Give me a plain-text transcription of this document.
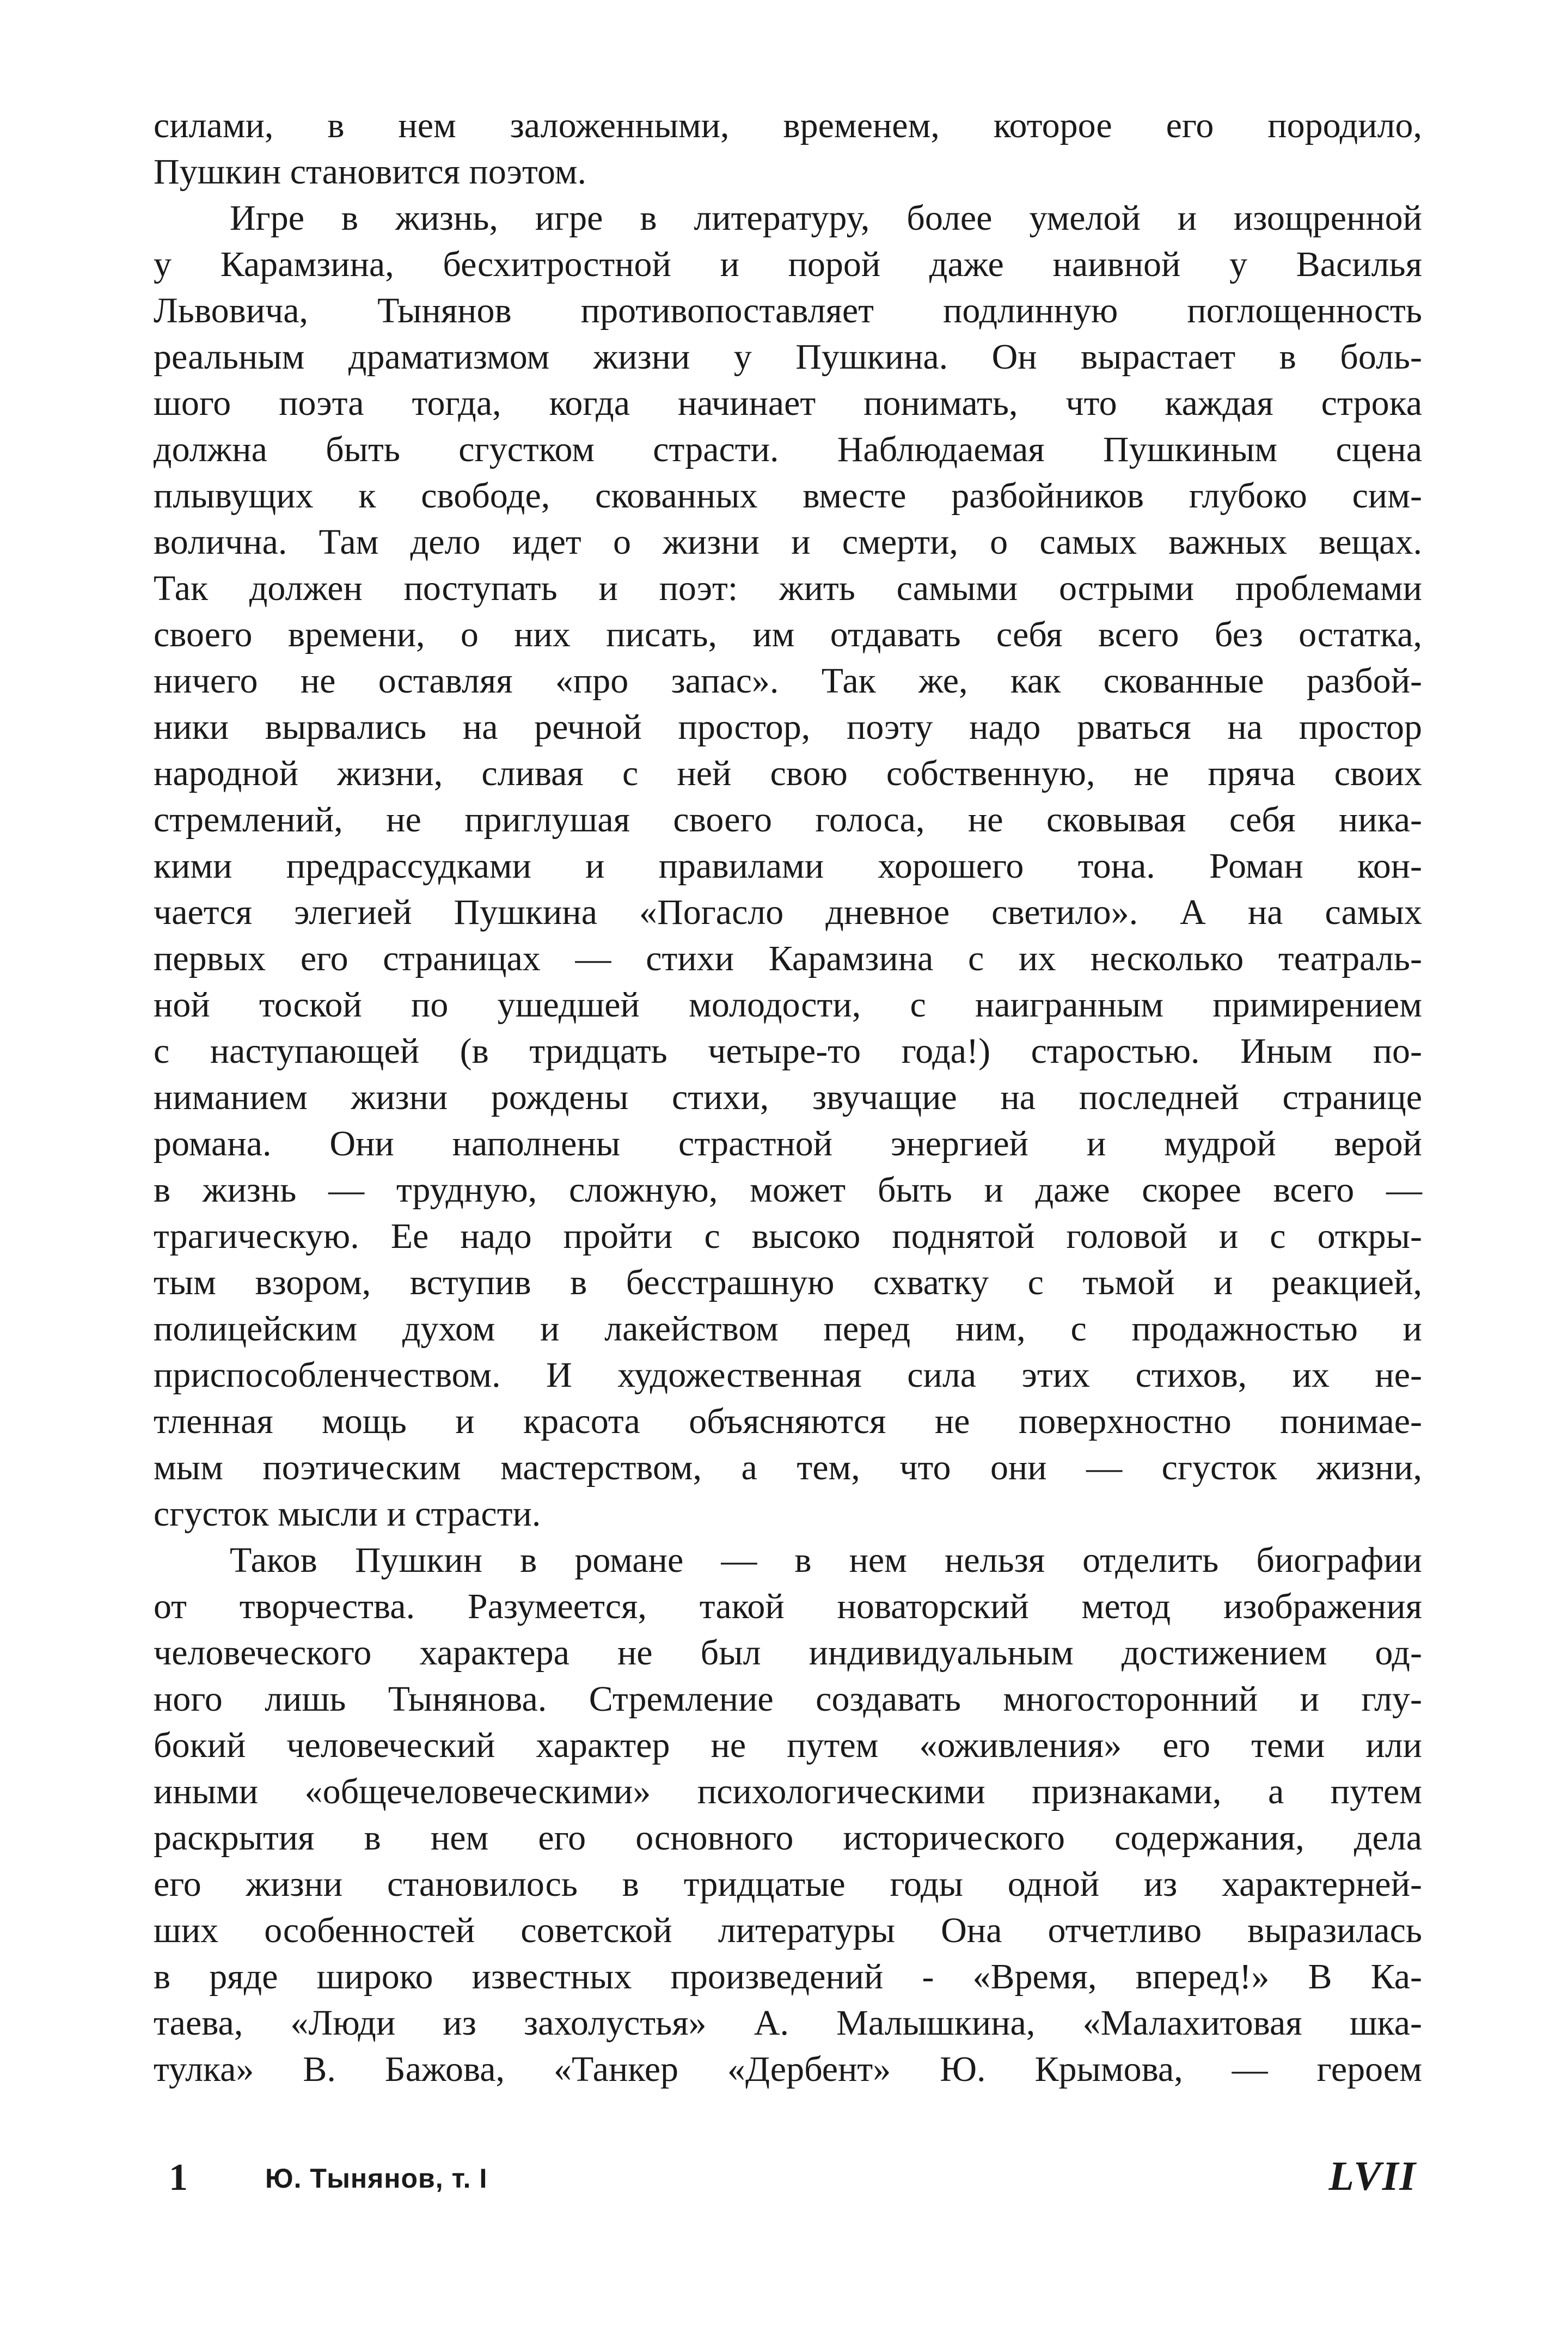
силами, в нем заложенными, временем, которое его породило,
Пушкин становится поэтом.
Игре в жизнь, игре в литературу, более умелой и изощренной
у Карамзина, бесхитростной и порой даже наивной у Василья
Львовича, Тынянов противопоставляет подлинную поглощенность
реальным драматизмом жизни у Пушкина. Он вырастает в боль-
шого поэта тогда, когда начинает понимать, что каждая строка
должна быть сгустком страсти. Наблюдаемая Пушкиным сцена
плывущих к свободе, скованных вместе разбойников глубоко сим-
волична. Там дело идет о жизни и смерти, о самых важных вещах.
Так должен поступать и поэт: жить самыми острыми проблемами
своего времени, о них писать, им отдавать себя всего без остатка,
ничего не оставляя «про запас». Так же, как скованные разбой-
ники вырвались на речной простор, поэту надо рваться на простор
народной жизни, сливая с ней свою собственную, не пряча своих
стремлений, не приглушая своего голоса, не сковывая себя ника-
кими предрассудками и правилами хорошего тона. Роман кон-
чается элегией Пушкина «Погасло дневное светило». А на самых
первых его страницах — стихи Карамзина с их несколько театраль-
ной тоской по ушедшей молодости, с наигранным примирением
с наступающей (в тридцать четыре-то года!) старостью. Иным по-
ниманием жизни рождены стихи, звучащие на последней странице
романа. Они наполнены страстной энергией и мудрой верой
в жизнь — трудную, сложную, может быть и даже скорее всего —
трагическую. Ее надо пройти с высоко поднятой головой и с откры-
тым взором, вступив в бесстрашную схватку с тьмой и реакцией,
полицейским духом и лакейством перед ним, с продажностью и
приспособленчеством. И художественная сила этих стихов, их не-
тленная мощь и красота объясняются не поверхностно понимае-
мым поэтическим мастерством, а тем, что они — сгусток жизни,
сгусток мысли и страсти.
Таков Пушкин в романе — в нем нельзя отделить биографии
от творчества. Разумеется, такой новаторский метод изображения
человеческого характера не был индивидуальным достижением од-
ного лишь Тынянова. Стремление создавать многосторонний и глу-
бокий человеческий характер не путем «оживления» его теми или
иными «общечеловеческими» психологическими признаками, а путем
раскрытия в нем его основного исторического содержания, дела
его жизни становилось в тридцатые годы одной из характерней-
ших особенностей советской литературы Она отчетливо выразилась
в ряде широко известных произведений - «Время, вперед!» В Ка-
таева, «Люди из захолустья» А. Малышкина, «Малахитовая шка-
тулка» В. Бажова, «Танкер «Дербент» Ю. Крымова, — героем
1	Ю. Тынянов, т. I	LVII
